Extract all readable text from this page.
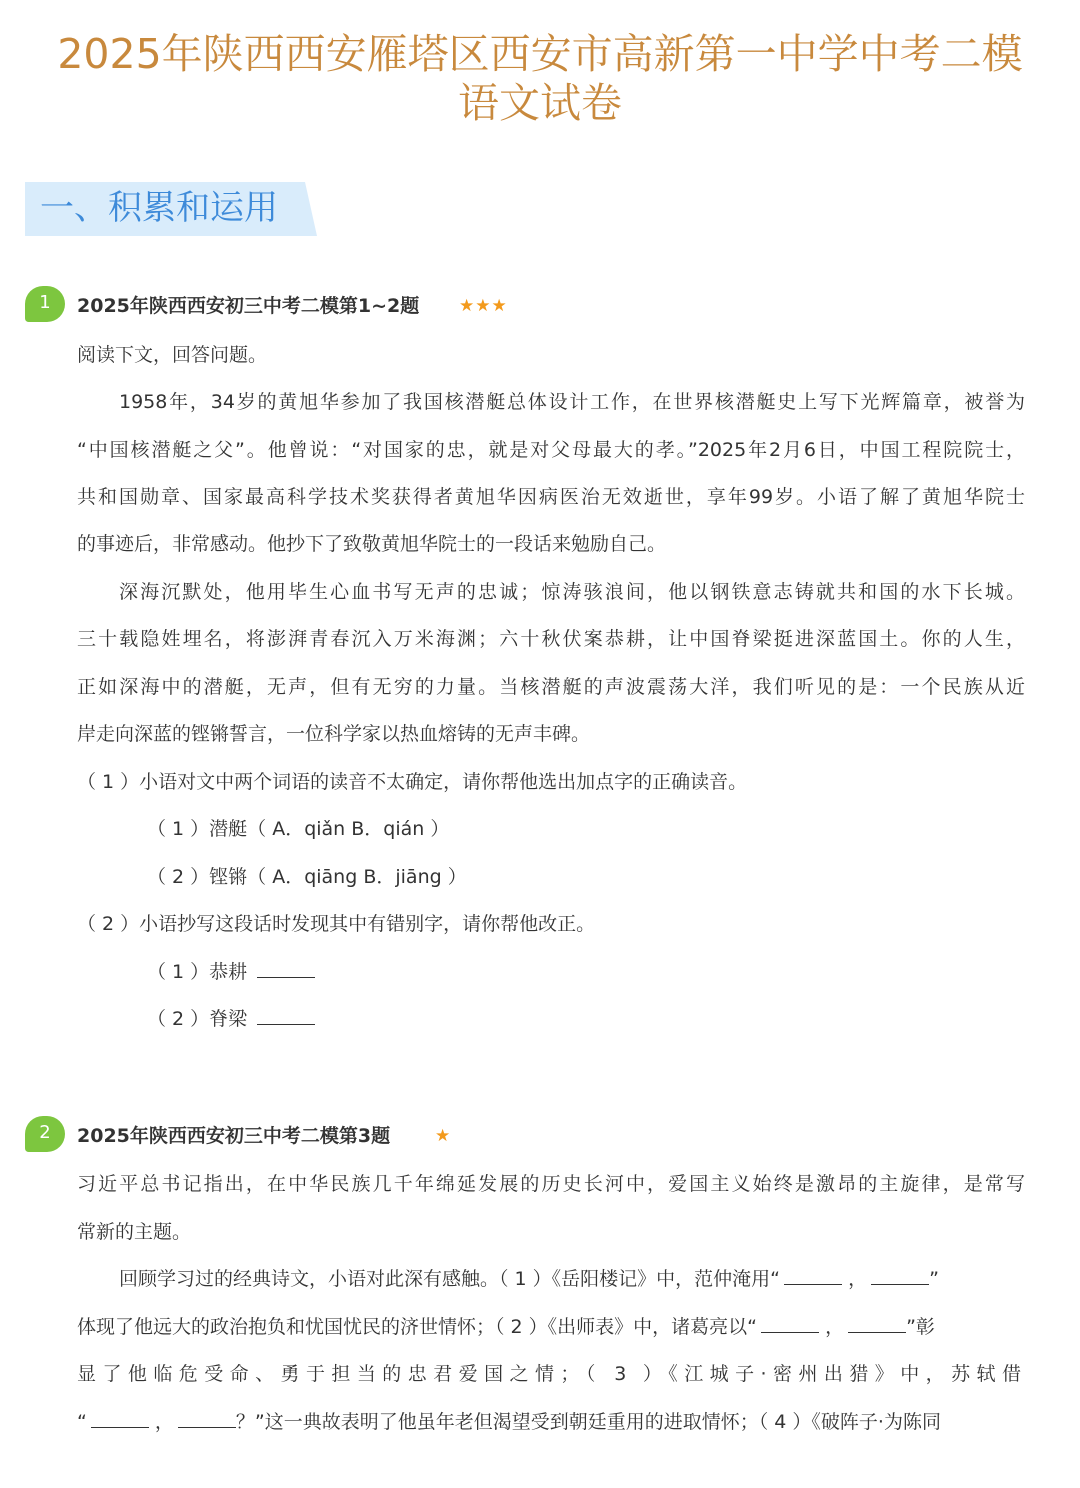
2025年陕西西安雁塔区西安市高新第一中学中考二模
语文试卷
一、积累和运用
1	2025年陕西西安初三中考二模第1~2题 ★★★
阅读下文，回答问题。
1958年，34岁的黄旭华参加了我国核潜艇总体设计工作，在世界核潜艇史上写下光辉篇章，被誉为
“中国核潜艇之父”。他曾说：“对国家的忠，就是对父母最大的孝。”2025年2月6日，中国工程院院士，
共和国勋章、国家最高科学技术奖获得者黄旭华因病医治无效逝世，享年99岁。小语了解了黄旭华院士
的事迹后，非常感动。他抄下了致敬黄旭华院士的一段话来勉励自己。
深海沉默处，他用毕生心血书写无声的忠诚；惊涛骇浪间，他以钢铁意志铸就共和国的水下长城。
三十载隐姓埋名，将澎湃青春沉入万米海渊；六十秋伏案恭耕，让中国脊梁挺进深蓝国土。你的人生，
正如深海中的潜艇，无声，但有无穷的力量。当核潜艇的声波震荡大洋，我们听见的是：一个民族从近
岸走向深蓝的铿锵誓言，一位科学家以热血熔铸的无声丰碑。
（ 1 ）小语对文中两个词语的读音不太确定，请你帮他选出加点字的正确读音。
（ 1 ）潜艇（ A．qiǎn B．qián ）
（ 2 ）铿锵（ A．qiāng B．jiāng ）
（ 2 ）小语抄写这段话时发现其中有错别字，请你帮他改正。
（ 1 ）恭耕
（ 2 ）脊梁
2	2025年陕西西安初三中考二模第3题	★
习近平总书记指出，在中华民族几千年绵延发展的历史长河中，爱国主义始终是激昂的主旋律，是常写
常新的主题。
回顾学习过的经典诗文，小语对此深有感触。（ 1 ）《岳阳楼记》中，范仲淹用“	，	”
体现了他远大的政治抱负和忧国忧民的济世情怀；（ 2 ）《出师表》中，诸葛亮以“	，	”彰
显了他临危受命、勇于担当的忠君爱国之情；（ 3 ）《江城子·密州出猎》中，苏轼借
“	，	？”这一典故表明了他虽年老但渴望受到朝廷重用的进取情怀；（ 4 ）《破阵子·为陈同
